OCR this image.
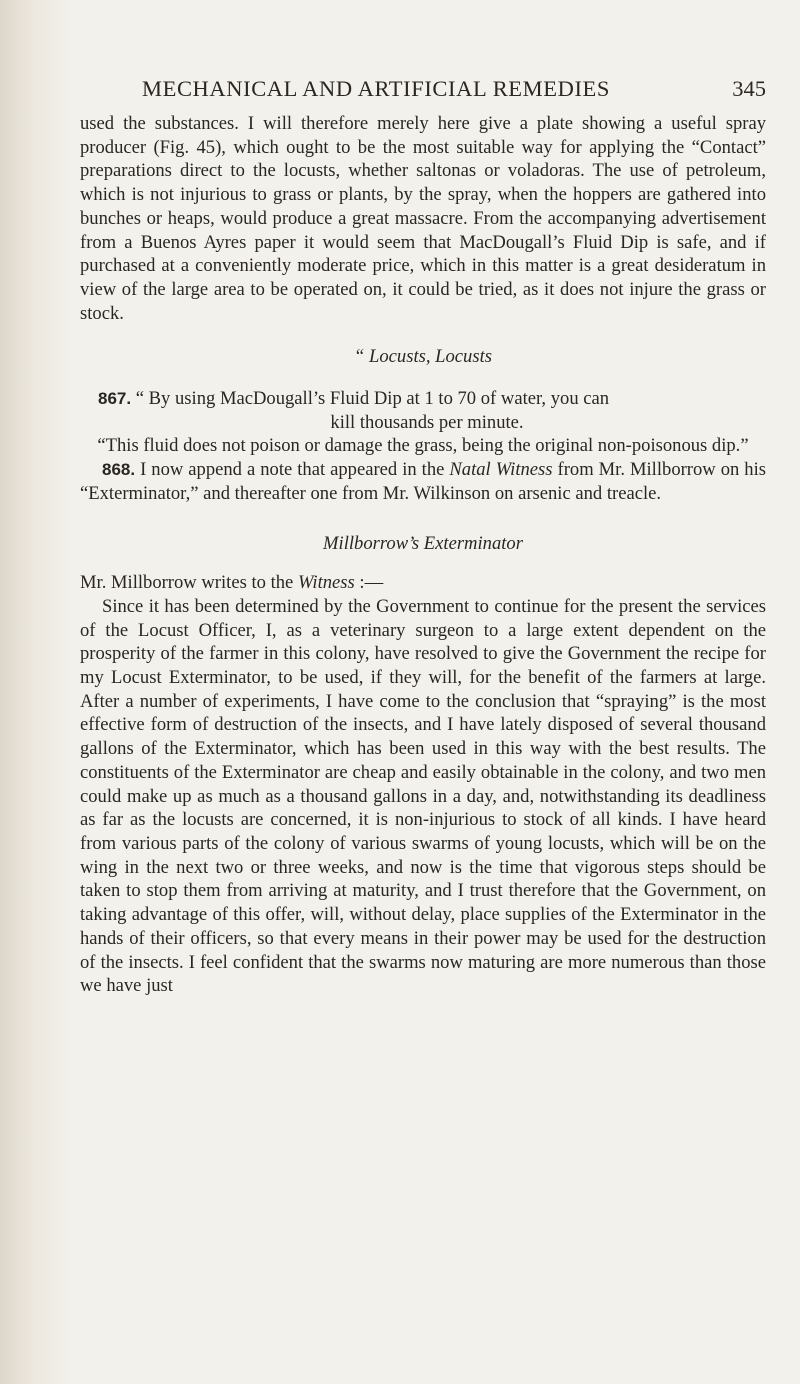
MECHANICAL AND ARTIFICIAL REMEDIES	345

used the substances. I will therefore merely here give a plate showing a useful spray producer (Fig. 45), which ought to be the most suitable way for applying the “Contact” preparations direct to the locusts, whether saltonas or voladoras. The use of petroleum, which is not injurious to grass or plants, by the spray, when the hoppers are gathered into bunches or heaps, would produce a great massacre. From the accompanying advertisement from a Buenos Ayres paper it would seem that MacDougall’s Fluid Dip is safe, and if purchased at a conveniently moderate price, which in this matter is a great desideratum in view of the large area to be operated on, it could be tried, as it does not injure the grass or stock.

“ Locusts, Locusts

867. “ By using MacDougall’s Fluid Dip at 1 to 70 of water, you can
kill thousands per minute.

“This fluid does not poison or damage the grass, being the original non-poisonous dip.”

868. I now append a note that appeared in the Natal Witness from Mr. Millborrow on his “Exterminator,” and thereafter one from Mr. Wilkinson on arsenic and treacle.

Millborrow’s Exterminator

Mr. Millborrow writes to the Witness :—

Since it has been determined by the Government to continue for the present the services of the Locust Officer, I, as a veterinary surgeon to a large extent dependent on the prosperity of the farmer in this colony, have resolved to give the Government the recipe for my Locust Exterminator, to be used, if they will, for the benefit of the farmers at large. After a number of experiments, I have come to the conclusion that “spraying” is the most effective form of destruction of the insects, and I have lately disposed of several thousand gallons of the Exterminator, which has been used in this way with the best results. The constituents of the Exterminator are cheap and easily obtainable in the colony, and two men could make up as much as a thousand gallons in a day, and, notwithstanding its deadliness as far as the locusts are concerned, it is non-injurious to stock of all kinds. I have heard from various parts of the colony of various swarms of young locusts, which will be on the wing in the next two or three weeks, and now is the time that vigorous steps should be taken to stop them from arriving at maturity, and I trust therefore that the Government, on taking advantage of this offer, will, without delay, place supplies of the Exterminator in the hands of their officers, so that every means in their power may be used for the destruction of the insects. I feel confident that the swarms now maturing are more numerous than those we have just
